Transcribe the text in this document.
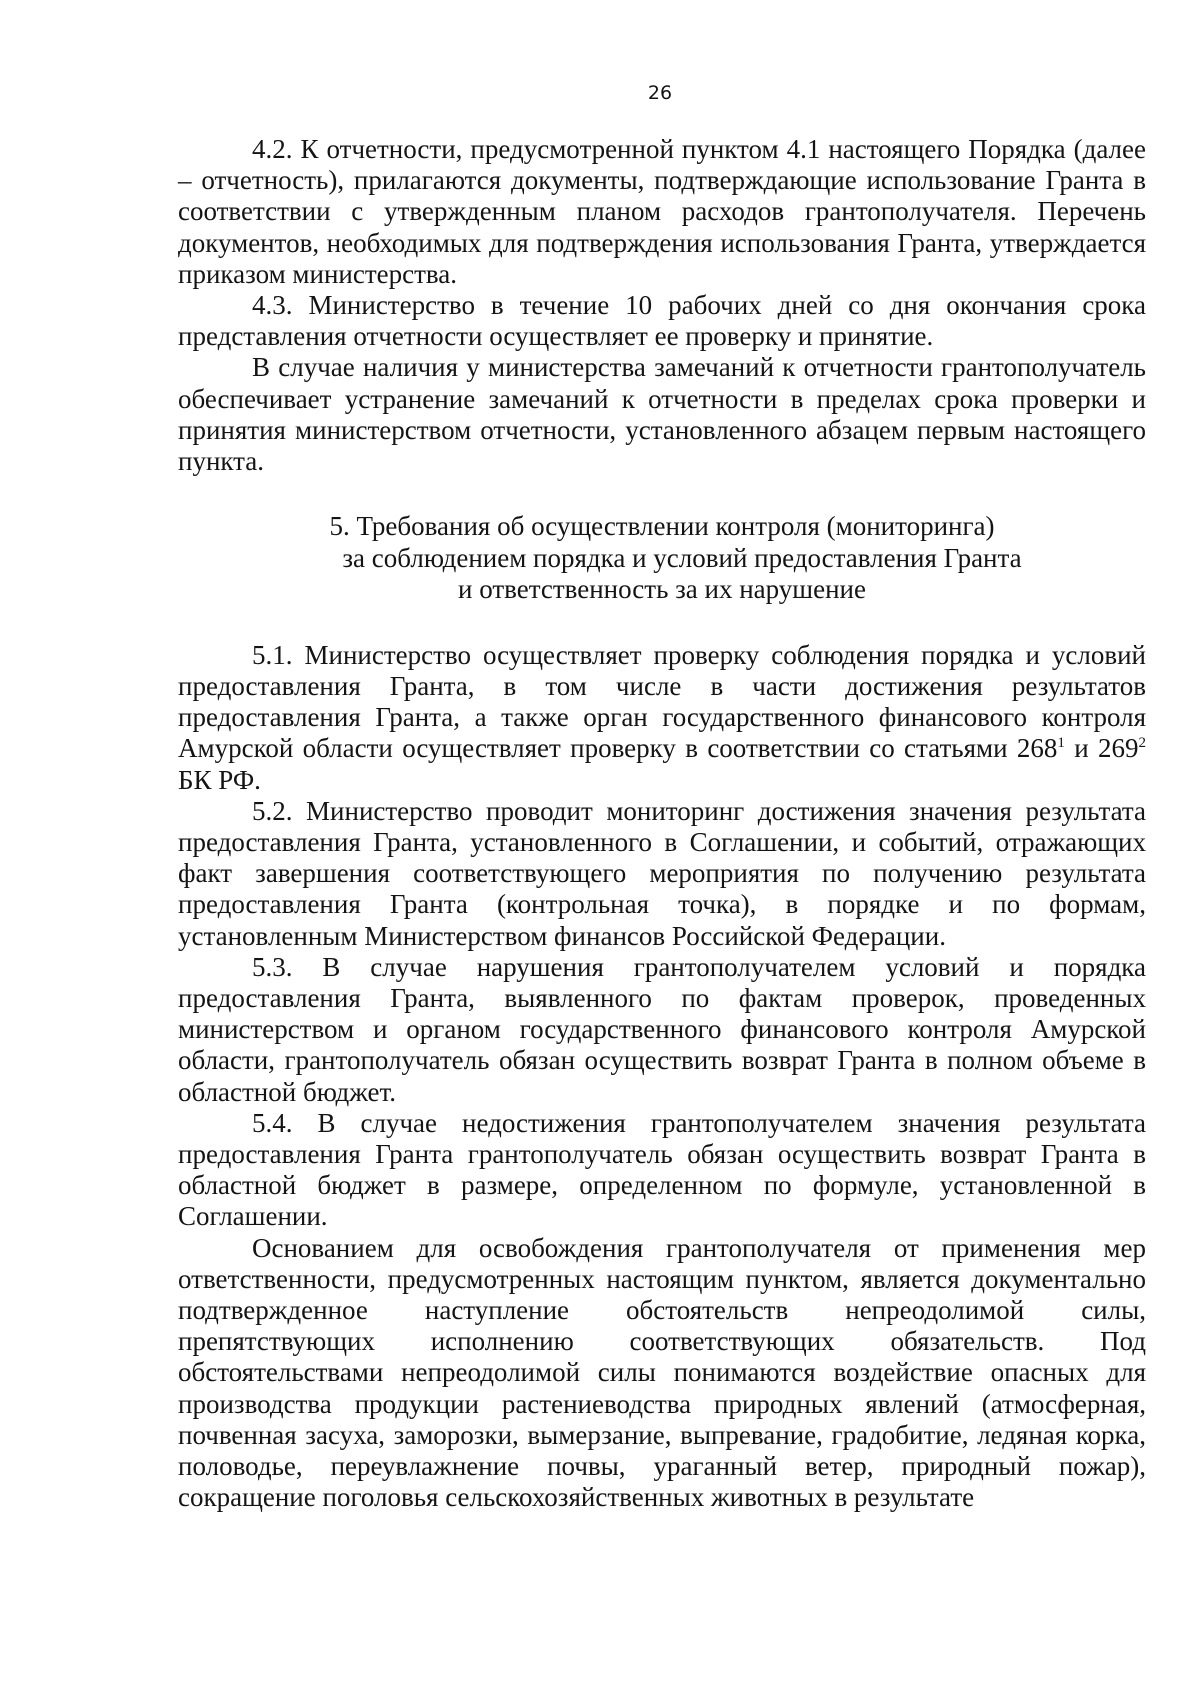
26

4.2. К отчетности, предусмотренной пунктом 4.1 настоящего Порядка (далее – отчетность), прилагаются документы, подтверждающие использование Гранта в соответствии с утвержденным планом расходов грантополучателя. Перечень документов, необходимых для подтверждения использования Гранта, утверждается приказом министерства.

4.3. Министерство в течение 10 рабочих дней со дня окончания срока представления отчетности осуществляет ее проверку и принятие.

В случае наличия у министерства замечаний к отчетности грантополучатель обеспечивает устранение замечаний к отчетности в пределах срока проверки и принятия министерством отчетности, установленного абзацем первым настоящего пункта.

5. Требования об осуществлении контроля (мониторинга)
за соблюдением порядка и условий предоставления Гранта
и ответственность за их нарушение

5.1. Министерство осуществляет проверку соблюдения порядка и условий предоставления Гранта, в том числе в части достижения результатов предоставления Гранта, а также орган государственного финансового контроля Амурской области осуществляет проверку в соответствии со статьями $268^1$ и $269^2$ БК РФ.

5.2. Министерство проводит мониторинг достижения значения результата предоставления Гранта, установленного в Соглашении, и событий, отражающих факт завершения соответствующего мероприятия по получению результата предоставления Гранта (контрольная точка), в порядке и по формам, установленным Министерством финансов Российской Федерации.

5.3. В случае нарушения грантополучателем условий и порядка предоставления Гранта, выявленного по фактам проверок, проведенных министерством и органом государственного финансового контроля Амурской области, грантополучатель обязан осуществить возврат Гранта в полном объеме в областной бюджет.

5.4. В случае недостижения грантополучателем значения результата предоставления Гранта грантополучатель обязан осуществить возврат Гранта в областной бюджет в размере, определенном по формуле, установленной в Соглашении.

Основанием для освобождения грантополучателя от применения мер ответственности, предусмотренных настоящим пунктом, является документально подтвержденное наступление обстоятельств непреодолимой силы, препятствующих исполнению соответствующих обязательств. Под обстоятельствами непреодолимой силы понимаются воздействие опасных для производства продукции растениеводства природных явлений (атмосферная, почвенная засуха, заморозки, вымерзание, выпревание, градобитие, ледяная корка, половодье, переувлажнение почвы, ураганный ветер, природный пожар), сокращение поголовья сельскохозяйственных животных в результате
